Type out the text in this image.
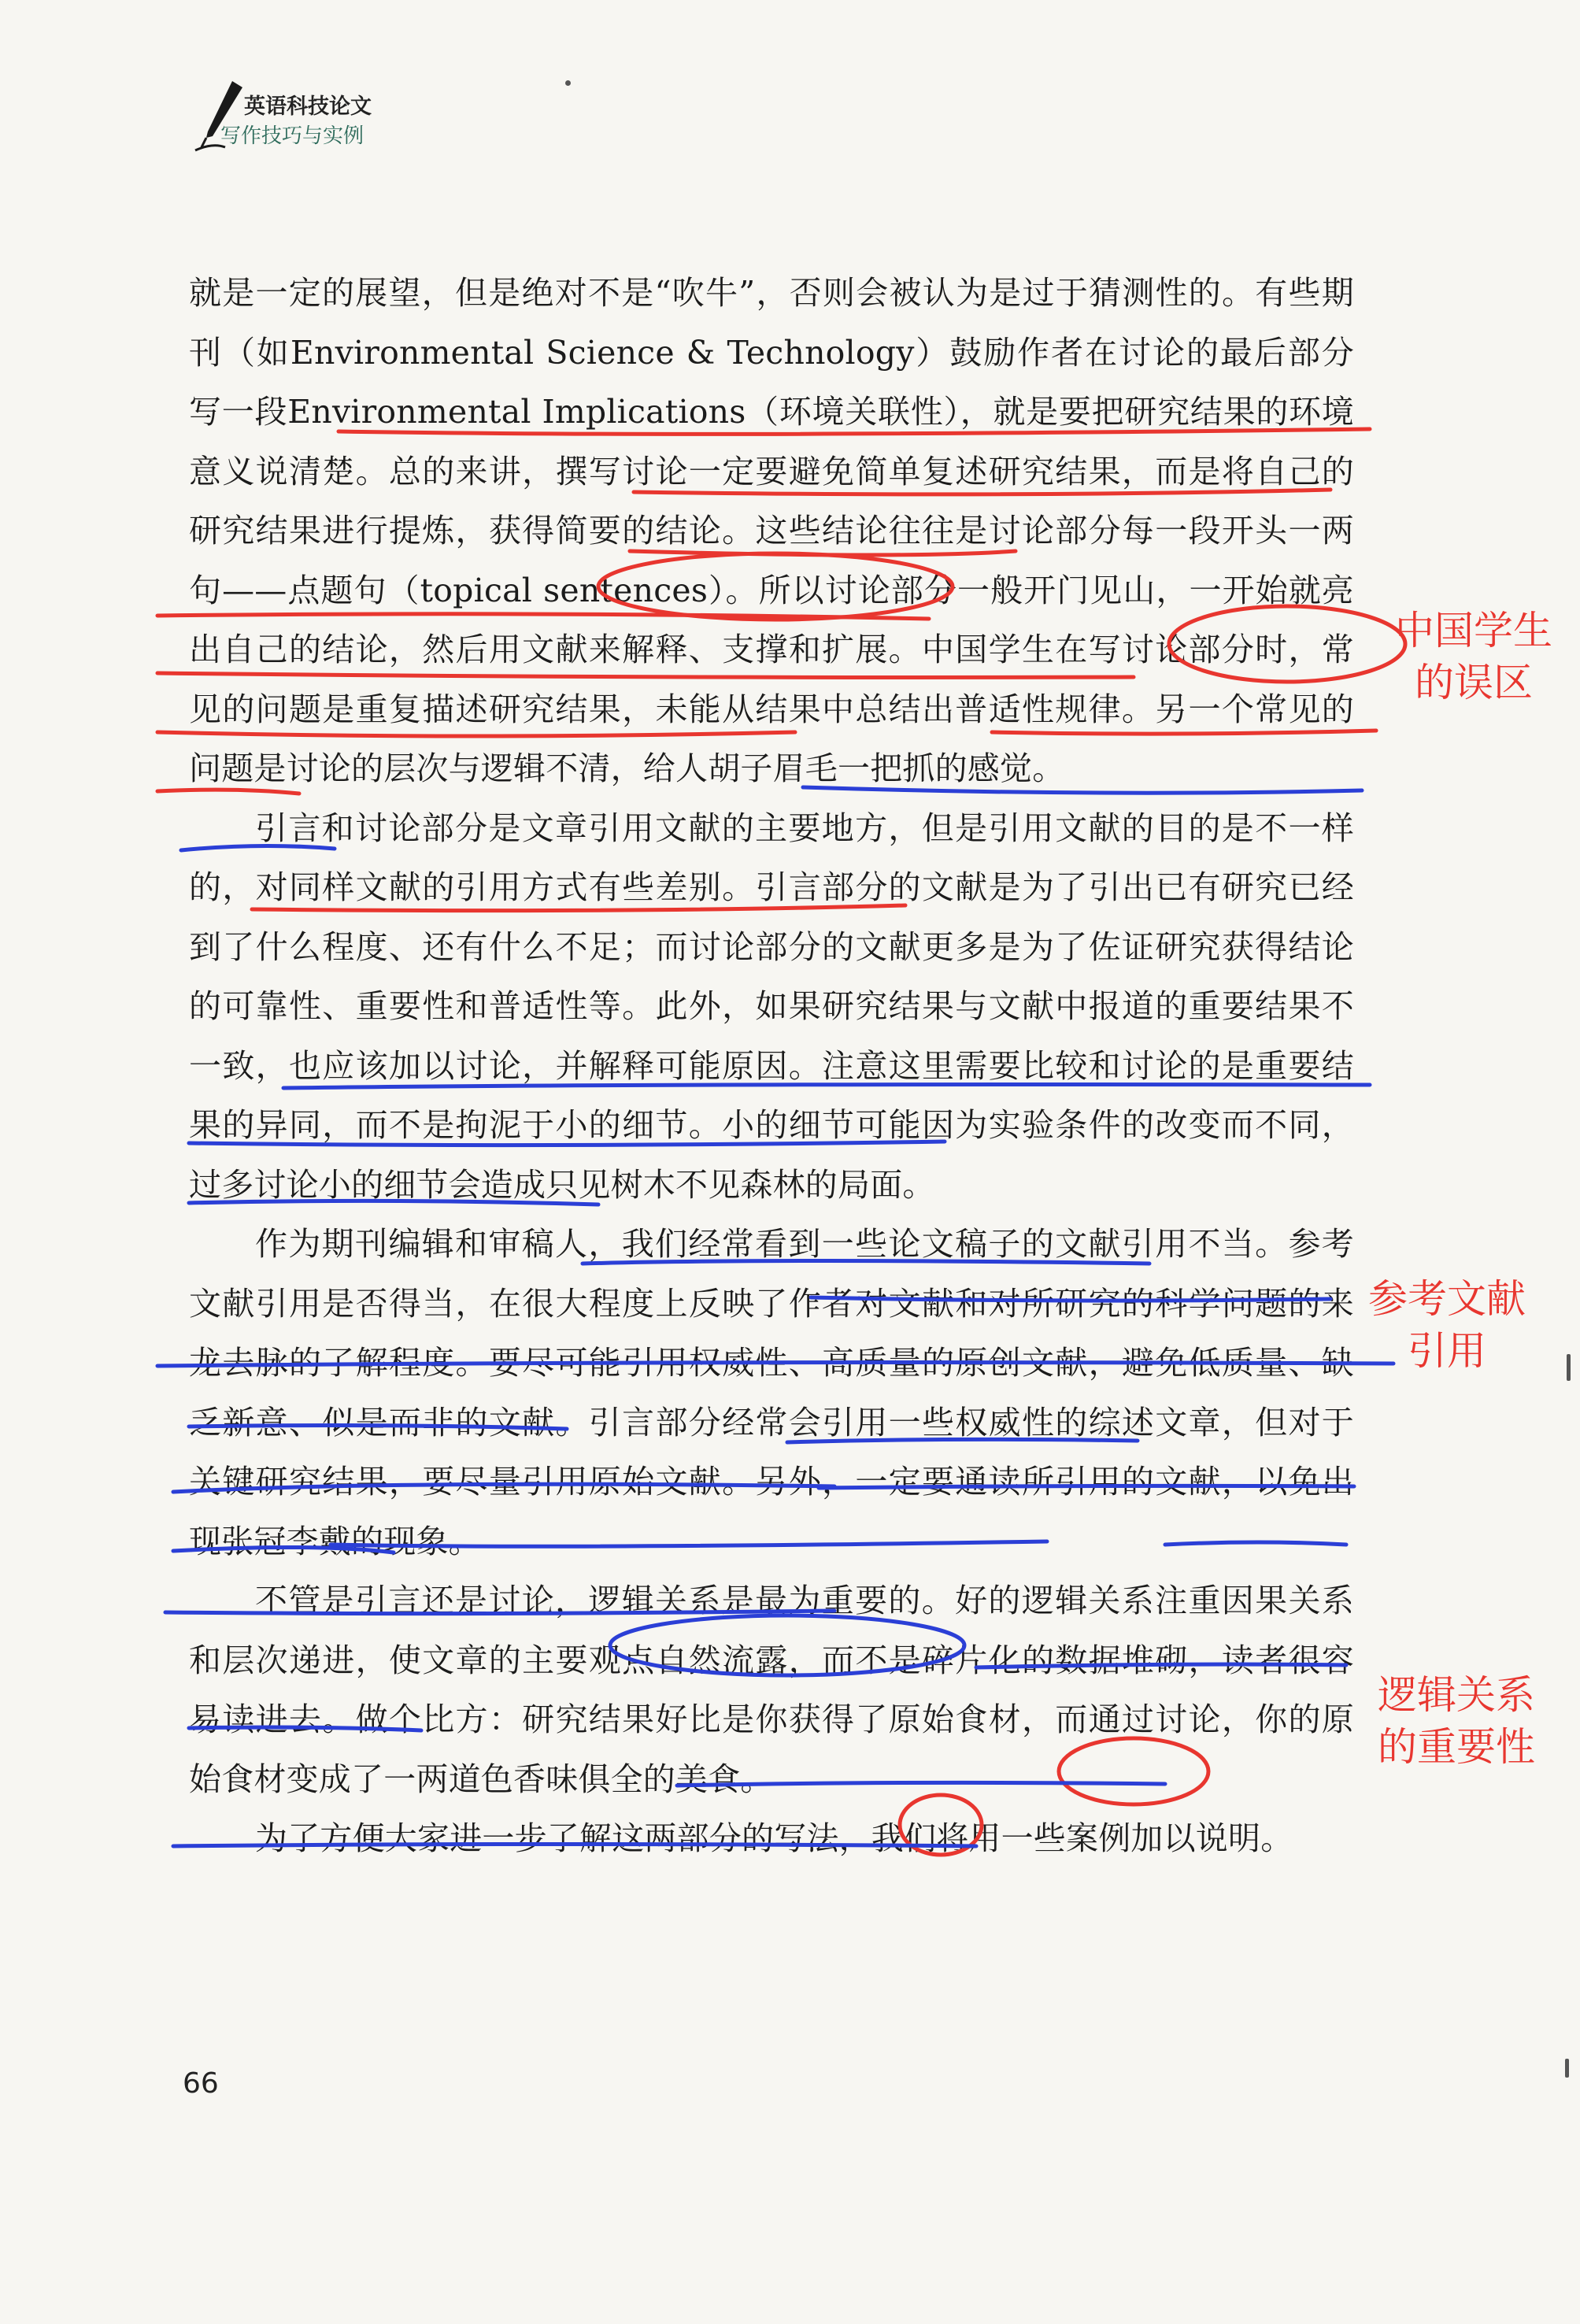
英语科技论文
写作技巧与实例

就是一定的展望，但是绝对不是“吹牛”，否则会被认为是过于猜测性的。有些期刊（如Environmental Science & Technology）鼓励作者在讨论的最后部分写一段Environmental Implications（环境关联性），就是要把研究结果的环境意义说清楚。总的来讲，撰写讨论一定要避免简单复述研究结果，而是将自己的研究结果进行提炼，获得简要的结论。这些结论往往是讨论部分每一段开头一两句——点题句（topical sentences）。所以讨论部分一般开门见山，一开始就亮出自己的结论，然后用文献来解释、支撑和扩展。中国学生在写讨论部分时，常见的问题是重复描述研究结果，未能从结果中总结出普适性规律。另一个常见的问题是讨论的层次与逻辑不清，给人胡子眉毛一把抓的感觉。

引言和讨论部分是文章引用文献的主要地方，但是引用文献的目的是不一样的，对同样文献的引用方式有些差别。引言部分的文献是为了引出已有研究已经到了什么程度、还有什么不足；而讨论部分的文献更多是为了佐证研究获得结论的可靠性、重要性和普适性等。此外，如果研究结果与文献中报道的重要结果不一致，也应该加以讨论，并解释可能原因。注意这里需要比较和讨论的是重要结果的异同，而不是拘泥于小的细节。小的细节可能因为实验条件的改变而不同，过多讨论小的细节会造成只见树木不见森林的局面。

作为期刊编辑和审稿人，我们经常看到一些论文稿子的文献引用不当。参考文献引用是否得当，在很大程度上反映了作者对文献和对所研究的科学问题的来龙去脉的了解程度。要尽可能引用权威性、高质量的原创文献，避免低质量、缺乏新意、似是而非的文献。引言部分经常会引用一些权威性的综述文章，但对于关键研究结果，要尽量引用原始文献。另外，一定要通读所引用的文献，以免出现张冠李戴的现象。

不管是引言还是讨论，逻辑关系是最为重要的。好的逻辑关系注重因果关系和层次递进，使文章的主要观点自然流露，而不是碎片化的数据堆砌，读者很容易读进去。做个比方：研究结果好比是你获得了原始食材，而通过讨论，你的原始食材变成了一两道色香味俱全的美食。

为了方便大家进一步了解这两部分的写法，我们将用一些案例加以说明。

中国学生
的误区
参考文献
引用
逻辑关系
的重要性
66
